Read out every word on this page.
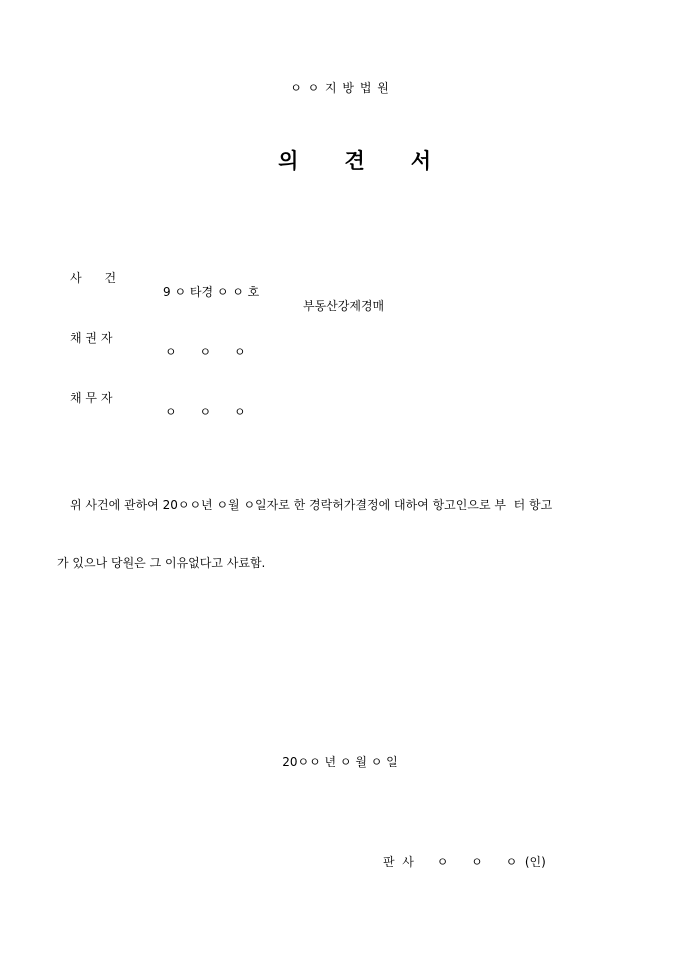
ㅇ ㅇ 지 방 법 원

의 견 서

사      건

9 ㅇ 타경 ㅇ ㅇ 호

부동산강제경매

채 권 자

ㅇ      ㅇ      ㅇ

채 무 자

ㅇ      ㅇ      ㅇ

위 사건에 관하여 20ㅇㅇ년 ㅇ월 ㅇ일자로 한 경락허가결정에 대하여 항고인으로 부  터 항고
가 있으나 당원은 그 이유없다고 사료함.
20ㅇㅇ 년 ㅇ 월 ㅇ 일
판  사      ㅇ      ㅇ      ㅇ  (인)
